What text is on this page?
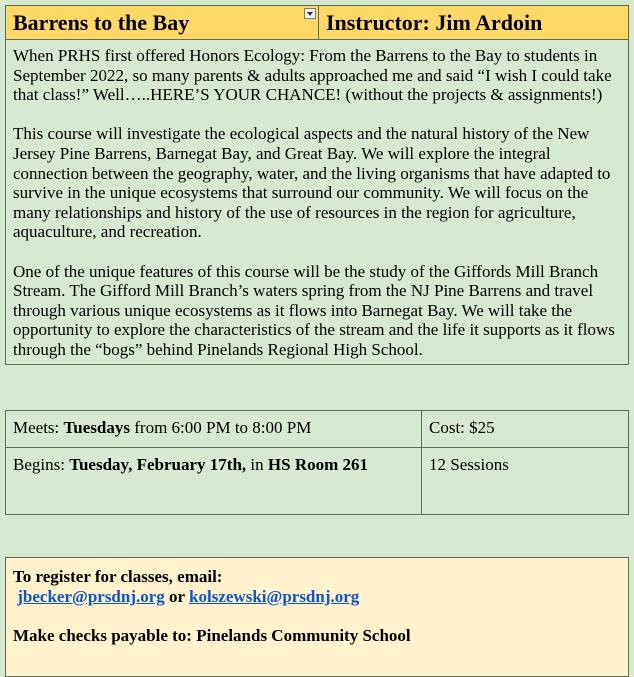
Barrens to the Bay	Instructor: Jim Ardoin

When PRHS first offered Honors Ecology: From the Barrens to the Bay to students in September 2022, so many parents & adults approached me and said “I wish I could take that class!” Well…..HERE’S YOUR CHANCE! (without the projects & assignments!)

This course will investigate the ecological aspects and the natural history of the New Jersey Pine Barrens, Barnegat Bay, and Great Bay. We will explore the integral connection between the geography, water, and the living organisms that have adapted to survive in the unique ecosystems that surround our community. We will focus on the many relationships and history of the use of resources in the region for agriculture, aquaculture, and recreation.

One of the unique features of this course will be the study of the Giffords Mill Branch Stream. The Gifford Mill Branch’s waters spring from the NJ Pine Barrens and travel through various unique ecosystems as it flows into Barnegat Bay. We will take the opportunity to explore the characteristics of the stream and the life it supports as it flows through the “bogs” behind Pinelands Regional High School.

Meets: Tuesdays from 6:00 PM to 8:00 PM	Cost: $25
Begins: Tuesday, February 17th, in HS Room 261	12 Sessions
To register for classes, email:
jbecker@prsdnj.org or kolszewski@prsdnj.org
Make checks payable to: Pinelands Community School
